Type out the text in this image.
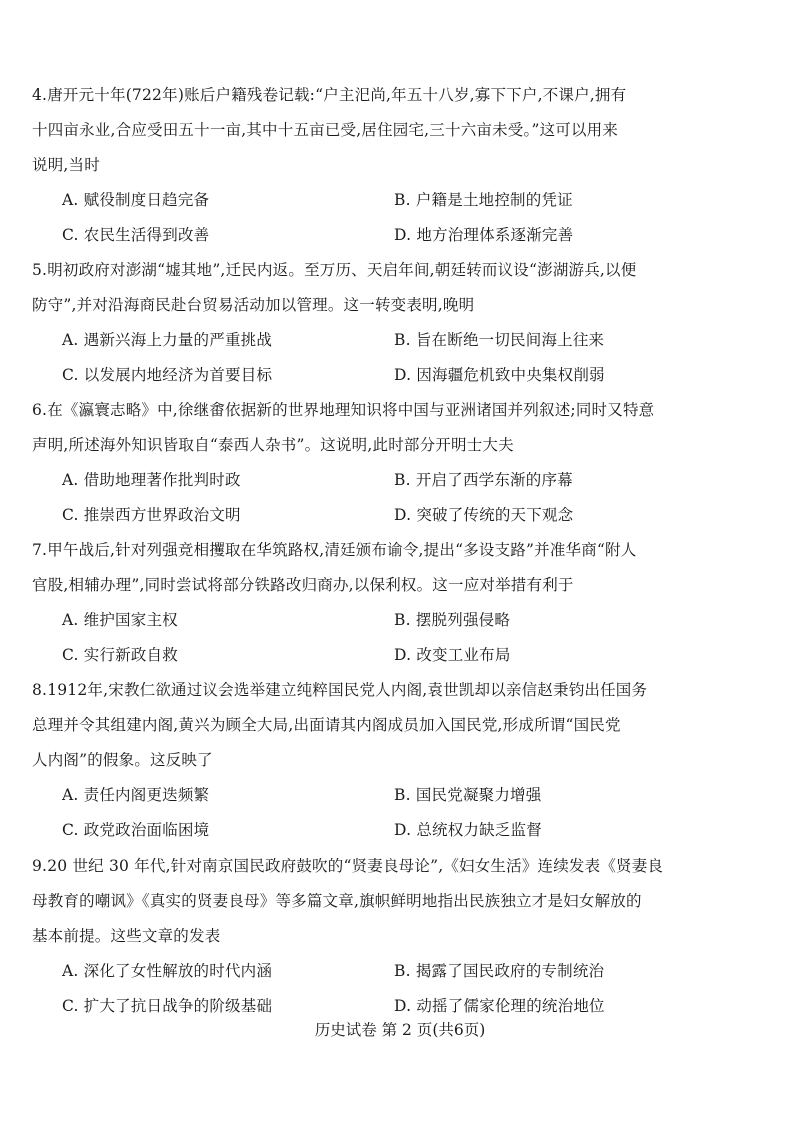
4.唐开元十年(722年)账后户籍残卷记载:“户主汜尚,年五十八岁,寡下下户,不课户,拥有
十四亩永业,合应受田五十一亩,其中十五亩已受,居住园宅,三十六亩未受。”这可以用来
说明,当时
A. 赋役制度日趋完备	B. 户籍是土地控制的凭证
C. 农民生活得到改善	D. 地方治理体系逐渐完善
5.明初政府对澎湖“墟其地”,迁民内返。至万历、天启年间,朝廷转而议设“澎湖游兵,以便
防守”,并对沿海商民赴台贸易活动加以管理。这一转变表明,晚明
A. 遇新兴海上力量的严重挑战	B. 旨在断绝一切民间海上往来
C. 以发展内地经济为首要目标	D. 因海疆危机致中央集权削弱
6.在《瀛寰志略》中,徐继畬依据新的世界地理知识将中国与亚洲诸国并列叙述;同时又特意
声明,所述海外知识皆取自“泰西人杂书”。这说明,此时部分开明士大夫
A. 借助地理著作批判时政	B. 开启了西学东渐的序幕
C. 推崇西方世界政治文明	D. 突破了传统的天下观念
7.甲午战后,针对列强竞相攫取在华筑路权,清廷颁布谕令,提出“多设支路”并准华商“附人
官股,相辅办理”,同时尝试将部分铁路改归商办,以保利权。这一应对举措有利于
A. 维护国家主权	B. 摆脱列强侵略
C. 实行新政自救	D. 改变工业布局
8.1912年,宋教仁欲通过议会选举建立纯粹国民党人内阁,袁世凯却以亲信赵秉钧出任国务
总理并令其组建内阁,黄兴为顾全大局,出面请其内阁成员加入国民党,形成所谓“国民党
人内阁”的假象。这反映了
A. 责任内阁更迭频繁	B. 国民党凝聚力增强
C. 政党政治面临困境	D. 总统权力缺乏监督
9.20 世纪 30 年代,针对南京国民政府鼓吹的“贤妻良母论”,《妇女生活》连续发表《贤妻良
母教育的嘲讽》《真实的贤妻良母》等多篇文章,旗帜鲜明地指出民族独立才是妇女解放的
基本前提。这些文章的发表
A. 深化了女性解放的时代内涵	B. 揭露了国民政府的专制统治
C. 扩大了抗日战争的阶级基础	D. 动摇了儒家伦理的统治地位
历史试卷 第 2 页(共6页)
